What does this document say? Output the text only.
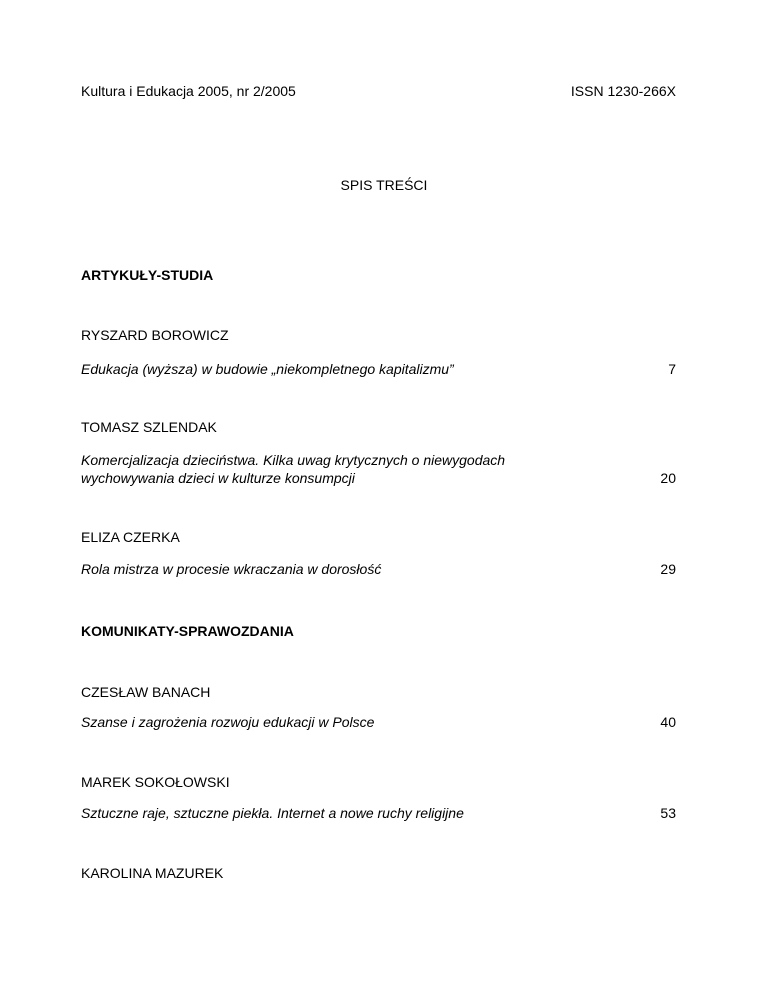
Kultura i Edukacja 2005, nr 2/2005	ISSN 1230-266X
SPIS TREŚCI
ARTYKUŁY-STUDIA
RYSZARD BOROWICZ
Edukacja (wyższa) w budowie „niekompletnego kapitalizmu”	7
TOMASZ SZLENDAK
Komercjalizacja dzieciństwa. Kilka uwag krytycznych o niewygodach
wychowywania dzieci w kulturze konsumpcji	20
ELIZA CZERKA
Rola mistrza w procesie wkraczania w dorosłość	29
KOMUNIKATY-SPRAWOZDANIA
CZESŁAW BANACH
Szanse i zagrożenia rozwoju edukacji w Polsce	40
MAREK SOKOŁOWSKI
Sztuczne raje, sztuczne piekła. Internet a nowe ruchy religijne	53
KAROLINA MAZUREK
